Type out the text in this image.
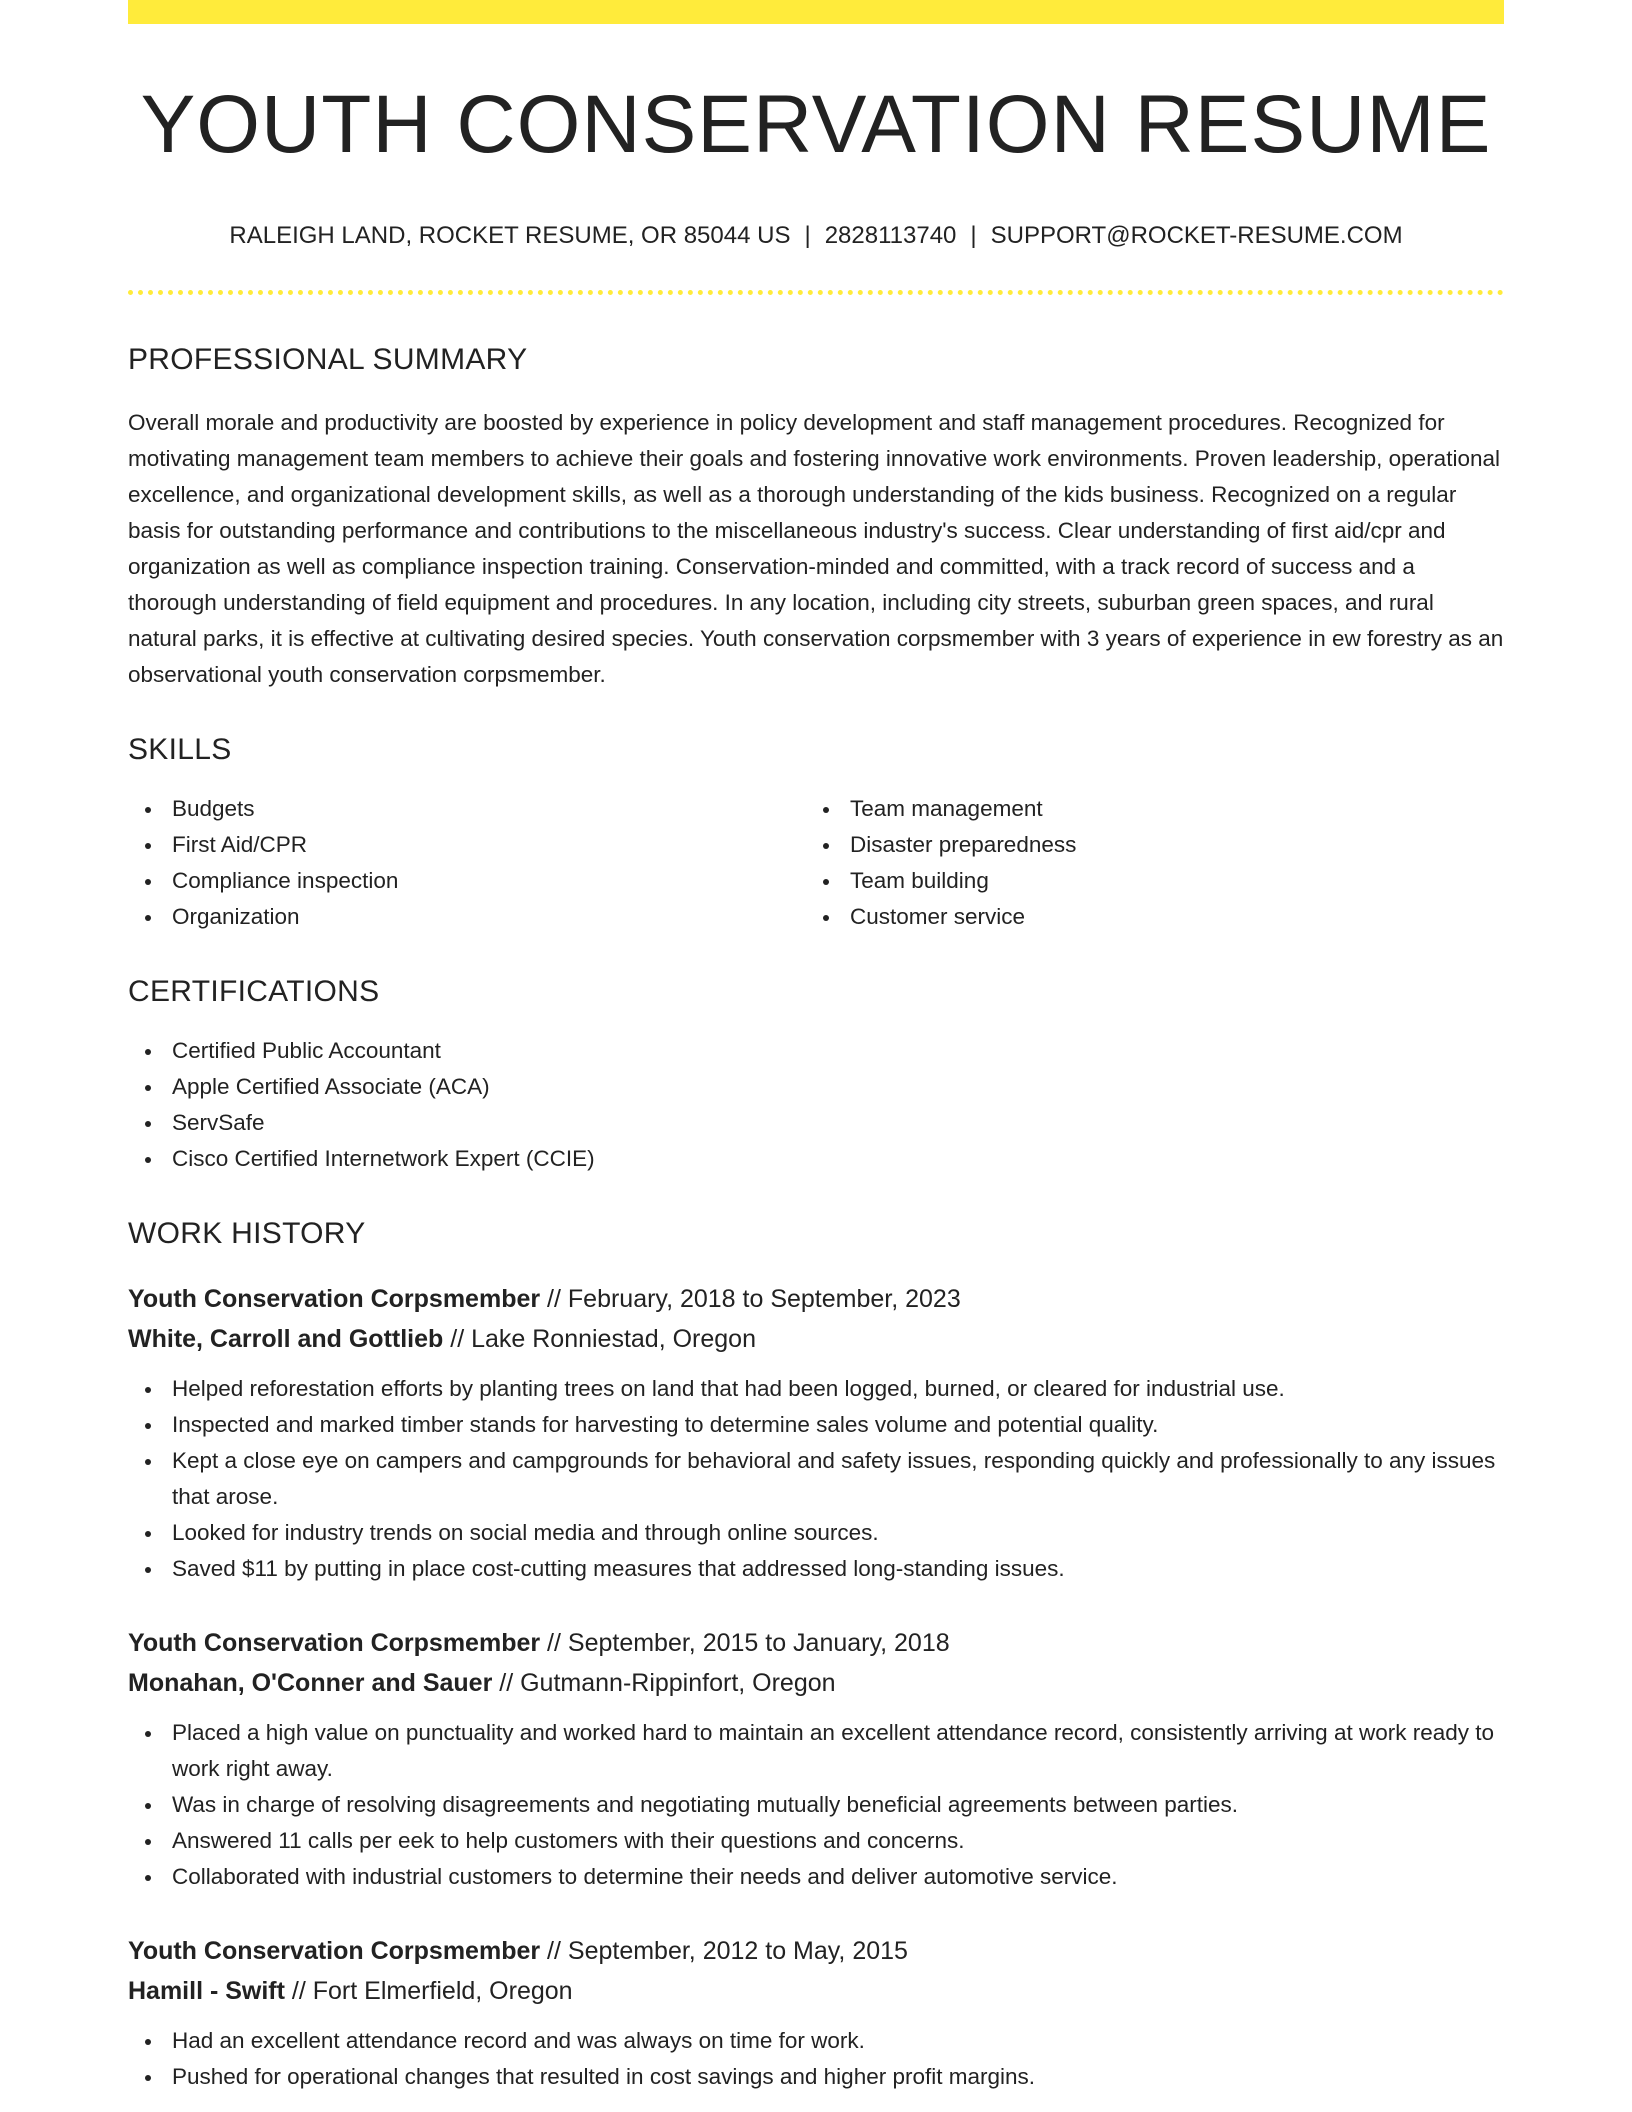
YOUTH CONSERVATION RESUME
RALEIGH LAND, ROCKET RESUME, OR 85044 US | 2828113740 | SUPPORT@ROCKET-RESUME.COM
PROFESSIONAL SUMMARY

Overall morale and productivity are boosted by experience in policy development and staff management procedures. Recognized for motivating management team members to achieve their goals and fostering innovative work environments. Proven leadership, operational excellence, and organizational development skills, as well as a thorough understanding of the kids business. Recognized on a regular basis for outstanding performance and contributions to the miscellaneous industry's success. Clear understanding of first aid/cpr and organization as well as compliance inspection training. Conservation-minded and committed, with a track record of success and a thorough understanding of field equipment and procedures. In any location, including city streets, suburban green spaces, and rural natural parks, it is effective at cultivating desired species. Youth conservation corpsmember with 3 years of experience in ew forestry as an observational youth conservation corpsmember.

SKILLS
Budgets
First Aid/CPR
Compliance inspection
Organization
Team management
Disaster preparedness
Team building
Customer service
CERTIFICATIONS
Certified Public Accountant
Apple Certified Associate (ACA)
ServSafe
Cisco Certified Internetwork Expert (CCIE)
WORK HISTORY
Youth Conservation Corpsmember // February, 2018 to September, 2023
White, Carroll and Gottlieb // Lake Ronniestad, Oregon
Helped reforestation efforts by planting trees on land that had been logged, burned, or cleared for industrial use.
Inspected and marked timber stands for harvesting to determine sales volume and potential quality.
Kept a close eye on campers and campgrounds for behavioral and safety issues, responding quickly and professionally to any issues that arose.
Looked for industry trends on social media and through online sources.
Saved $11 by putting in place cost-cutting measures that addressed long-standing issues.
Youth Conservation Corpsmember // September, 2015 to January, 2018
Monahan, O'Conner and Sauer // Gutmann-Rippinfort, Oregon
Placed a high value on punctuality and worked hard to maintain an excellent attendance record, consistently arriving at work ready to work right away.
Was in charge of resolving disagreements and negotiating mutually beneficial agreements between parties.
Answered 11 calls per eek to help customers with their questions and concerns.
Collaborated with industrial customers to determine their needs and deliver automotive service.
Youth Conservation Corpsmember // September, 2012 to May, 2015
Hamill - Swift // Fort Elmerfield, Oregon
Had an excellent attendance record and was always on time for work.
Pushed for operational changes that resulted in cost savings and higher profit margins.
